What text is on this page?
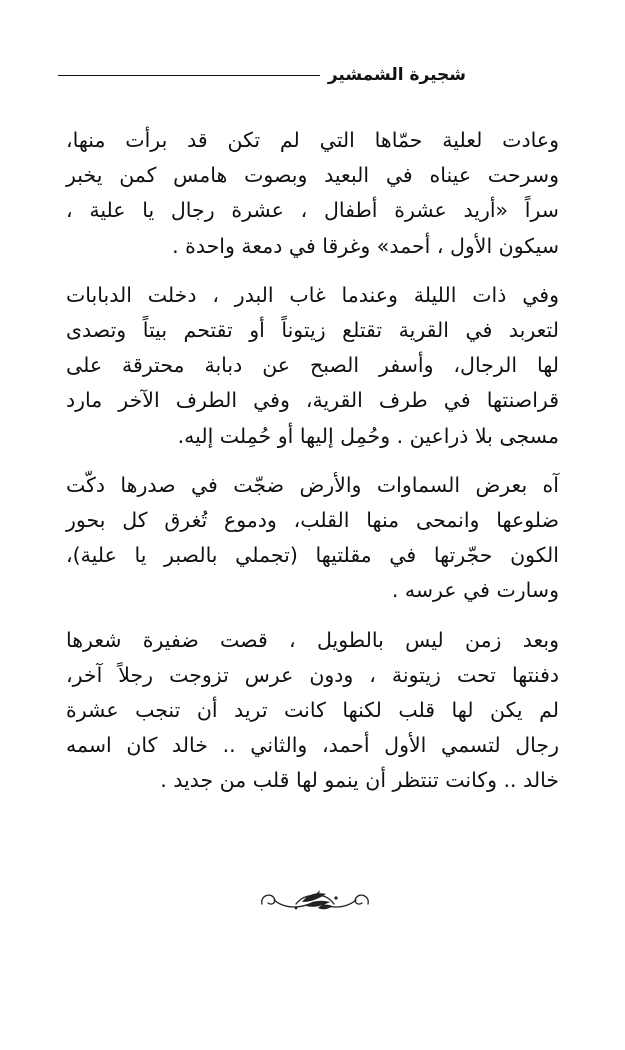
شجيرة الشمشير

وعادت لعلية حمّاها التي لم تكن قد برأت منها،
وسرحت عيناه في البعيد وبصوت هامس كمن يخبر
سراً «أريد عشرة أطفال ، عشرة رجال يا علية ،
سيكون الأول ، أحمد» وغرقا في دمعة واحدة .

وفي ذات الليلة وعندما غاب البدر ، دخلت الدبابات
لتعربد في القرية تقتلع زيتوناً أو تقتحم بيتاً وتصدى
لها الرجال، وأسفر الصبح عن دبابة محترقة على
قراصنتها في طرف القرية، وفي الطرف الآخر مارد
مسجى بلا ذراعين . وحُمِل إليها أو حُمِلت إليه.

آه بعرض السماوات والأرض ضجّت في صدرها دكّت
ضلوعها وانمحى منها القلب، ودموع تُغرق كل بحور
الكون حجّرتها في مقلتيها (تجملي بالصبر يا علية)،
وسارت في عرسه .

وبعد زمن ليس بالطويل ، قصت ضفيرة شعرها
دفنتها تحت زيتونة ، ودون عرس تزوجت رجلاً آخر،
لم يكن لها قلب لكنها كانت تريد أن تنجب عشرة
رجال لتسمي الأول أحمد، والثاني .. خالد كان اسمه
خالد .. وكانت تنتظر أن ينمو لها قلب من جديد .
